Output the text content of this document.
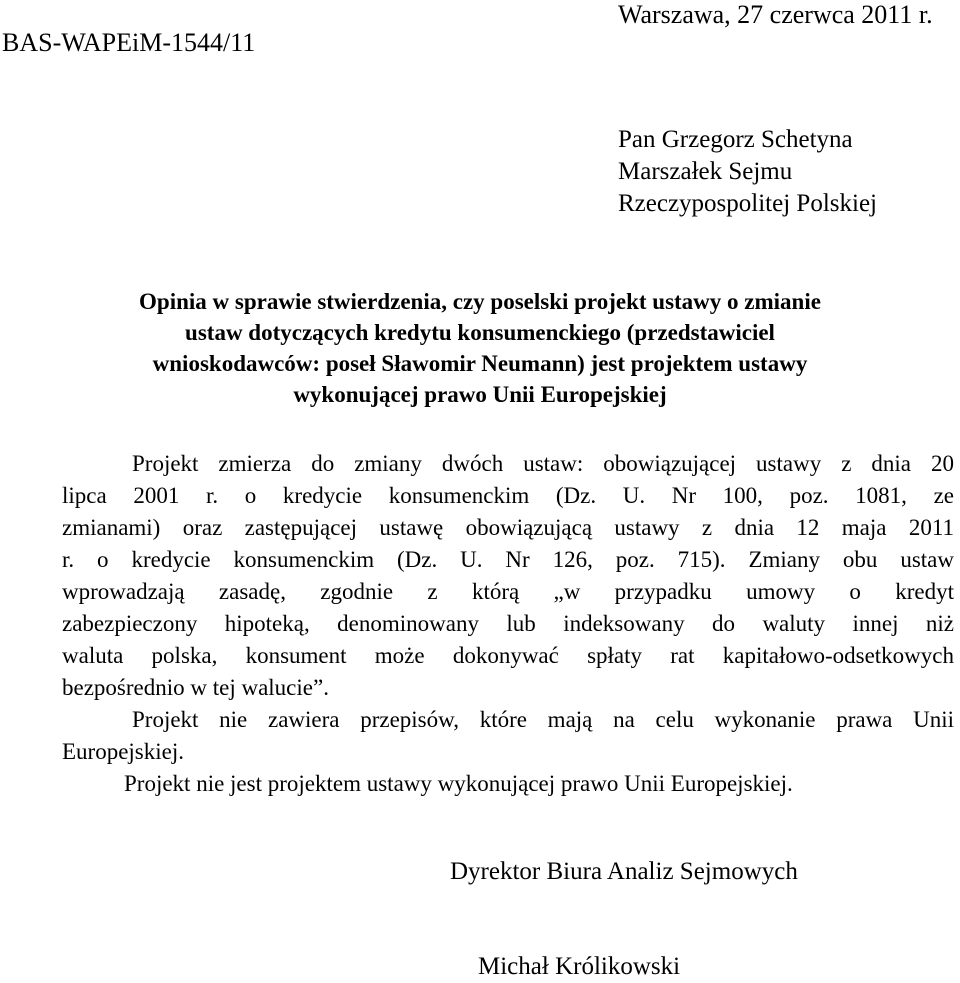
BAS-WAPEiM-1544/11
Warszawa, 27 czerwca 2011 r.
Pan Grzegorz Schetyna
Marszałek Sejmu
Rzeczypospolitej Polskiej
Opinia w sprawie stwierdzenia, czy poselski projekt ustawy o zmianie
ustaw dotyczących kredytu konsumenckiego (przedstawiciel
wnioskodawców: poseł Sławomir Neumann) jest projektem ustawy
wykonującej prawo Unii Europejskiej
Projekt zmierza do zmiany dwóch ustaw: obowiązującej ustawy z dnia 20
lipca 2001 r. o kredycie konsumenckim (Dz. U. Nr 100, poz. 1081, ze
zmianami) oraz zastępującej ustawę obowiązującą ustawy z dnia 12 maja 2011
r. o kredycie konsumenckim (Dz. U. Nr 126, poz. 715). Zmiany obu ustaw
wprowadzają zasadę, zgodnie z którą „w przypadku umowy o kredyt
zabezpieczony hipoteką, denominowany lub indeksowany do waluty innej niż
waluta polska, konsument może dokonywać spłaty rat kapitałowo-odsetkowych
bezpośrednio w tej walucie”.
Projekt nie zawiera przepisów, które mają na celu wykonanie prawa Unii
Europejskiej.
Projekt nie jest projektem ustawy wykonującej prawo Unii Europejskiej.
Dyrektor Biura Analiz Sejmowych
Michał Królikowski
